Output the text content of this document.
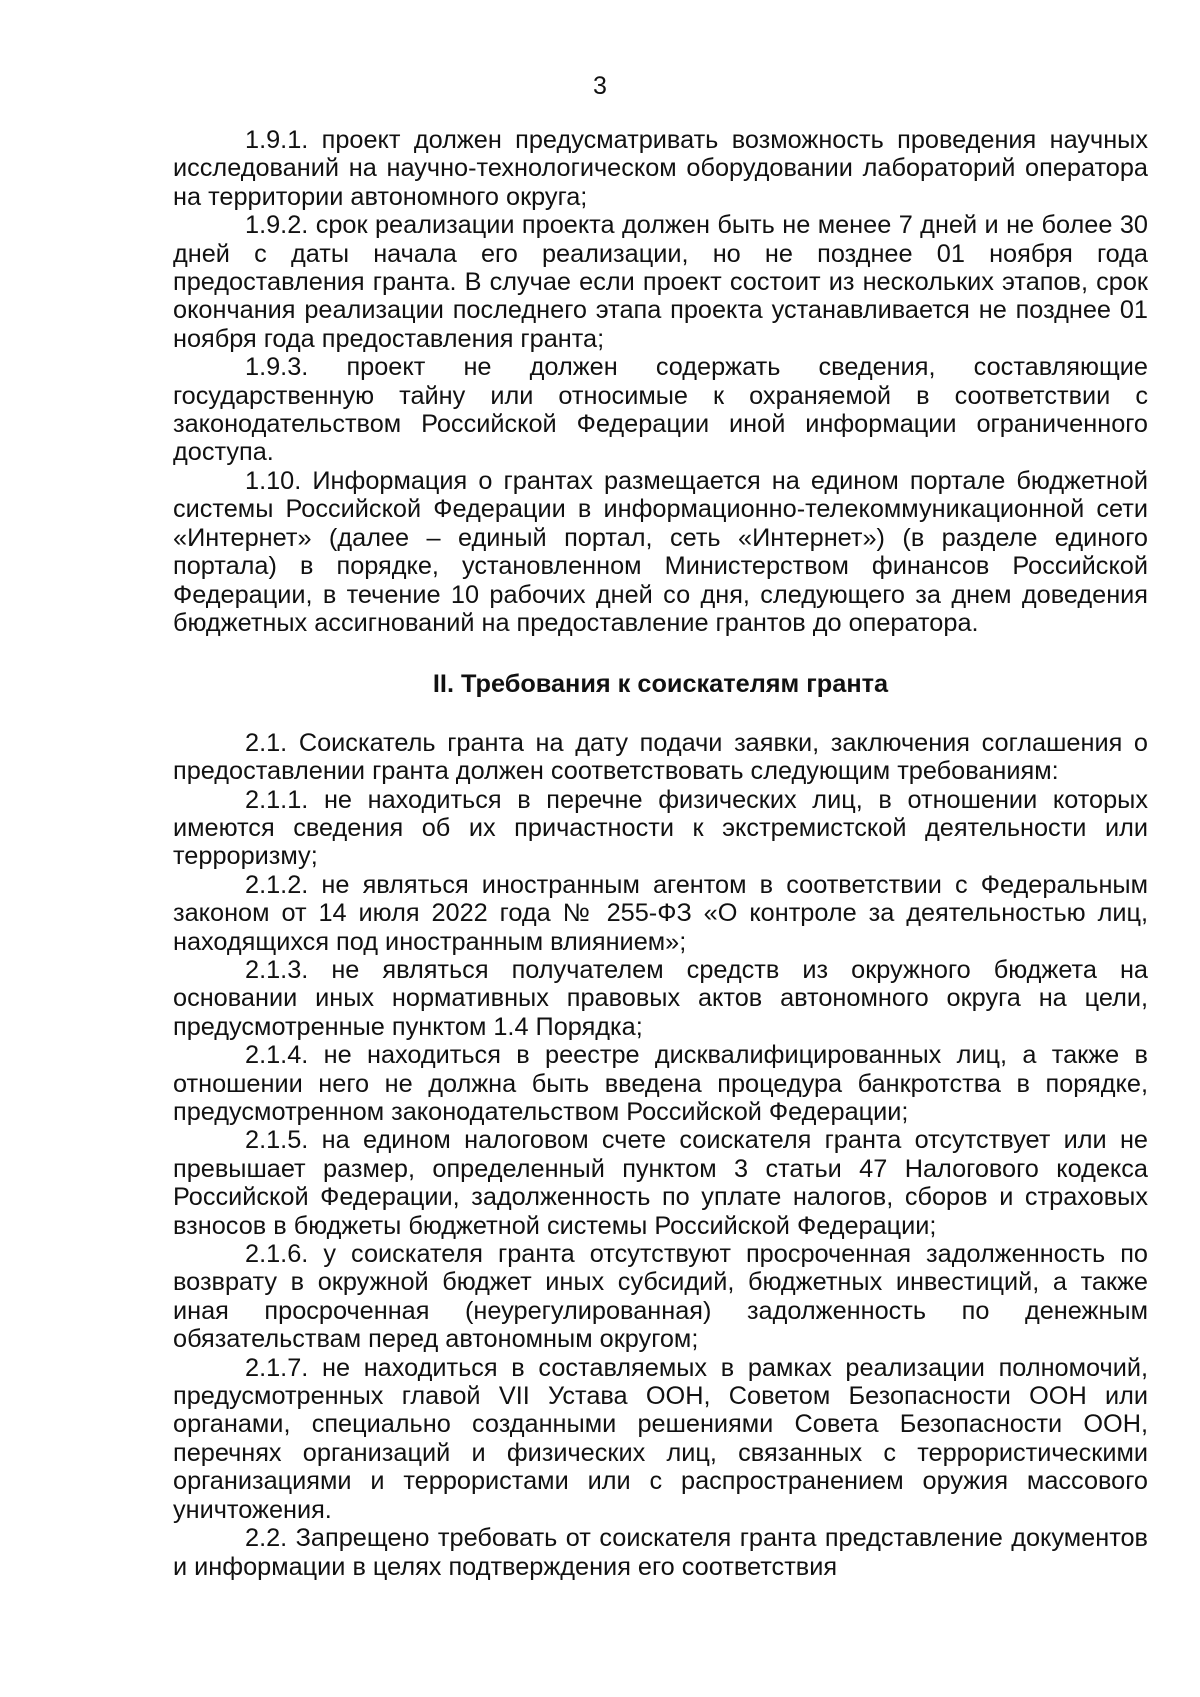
3

1.9.1. проект должен предусматривать возможность проведения научных исследований на научно-технологическом оборудовании лабораторий оператора на территории автономного округа;

1.9.2. срок реализации проекта должен быть не менее 7 дней и не более 30 дней с даты начала его реализации, но не позднее 01 ноября года предоставления гранта. В случае если проект состоит из нескольких этапов, срок окончания реализации последнего этапа проекта устанавливается не позднее 01 ноября года предоставления гранта;

1.9.3. проект не должен содержать сведения, составляющие государственную тайну или относимые к охраняемой в соответствии с законодательством Российской Федерации иной информации ограниченного доступа.

1.10. Информация о грантах размещается на едином портале бюджетной системы Российской Федерации в информационно-телекоммуникационной сети «Интернет» (далее – единый портал, сеть «Интернет») (в разделе единого портала) в порядке, установленном Министерством финансов Российской Федерации, в течение 10 рабочих дней со дня, следующего за днем доведения бюджетных ассигнований на предоставление грантов до оператора.

II. Требования к соискателям гранта

2.1. Соискатель гранта на дату подачи заявки, заключения соглашения о предоставлении гранта должен соответствовать следующим требованиям:

2.1.1. не находиться в перечне физических лиц, в отношении которых имеются сведения об их причастности к экстремистской деятельности или терроризму;

2.1.2. не являться иностранным агентом в соответствии с Федеральным законом от 14 июля 2022 года № 255-ФЗ «О контроле за деятельностью лиц, находящихся под иностранным влиянием»;

2.1.3. не являться получателем средств из окружного бюджета на основании иных нормативных правовых актов автономного округа на цели, предусмотренные пунктом 1.4 Порядка;

2.1.4. не находиться в реестре дисквалифицированных лиц, а также в отношении него не должна быть введена процедура банкротства в порядке, предусмотренном законодательством Российской Федерации;

2.1.5. на едином налоговом счете соискателя гранта отсутствует или не превышает размер, определенный пунктом 3 статьи 47 Налогового кодекса Российской Федерации, задолженность по уплате налогов, сборов и страховых взносов в бюджеты бюджетной системы Российской Федерации;

2.1.6. у соискателя гранта отсутствуют просроченная задолженность по возврату в окружной бюджет иных субсидий, бюджетных инвестиций, а также иная просроченная (неурегулированная) задолженность по денежным обязательствам перед автономным округом;

2.1.7. не находиться в составляемых в рамках реализации полномочий, предусмотренных главой VII Устава ООН, Советом Безопасности ООН или органами, специально созданными решениями Совета Безопасности ООН, перечнях организаций и физических лиц, связанных с террористическими организациями и террористами или с распространением оружия массового уничтожения.

2.2. Запрещено требовать от соискателя гранта представление документов и информации в целях подтверждения его соответствия
